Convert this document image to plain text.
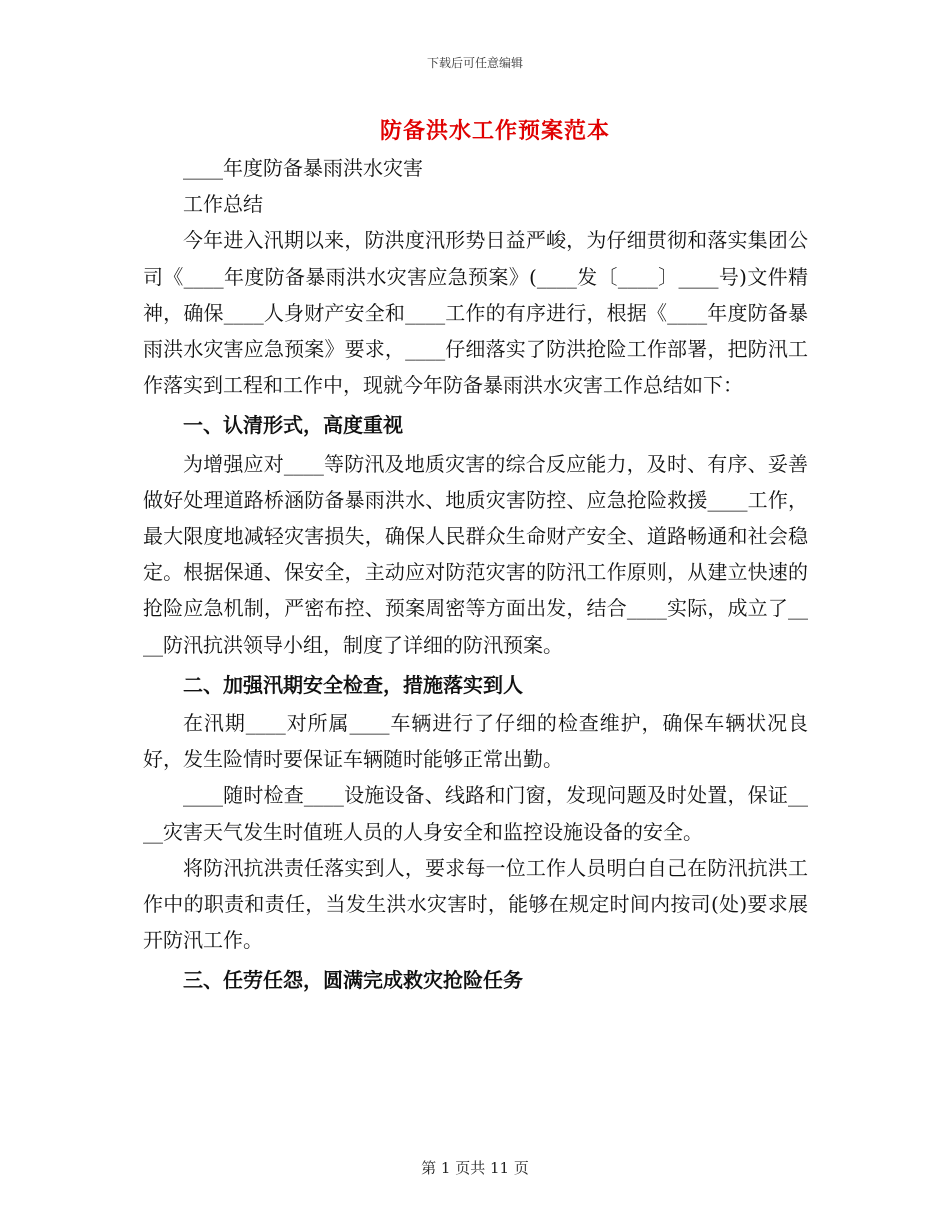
下载后可任意编辑
防备洪水工作预案范本

____年度防备暴雨洪水灾害

工作总结

今年进入汛期以来，防洪度汛形势日益严峻，为仔细贯彻和落实集团公司《____年度防备暴雨洪水灾害应急预案》(____发〔____〕____号)文件精神，确保____人身财产安全和____工作的有序进行，根据《____年度防备暴雨洪水灾害应急预案》要求，____仔细落实了防洪抢险工作部署，把防汛工作落实到工程和工作中，现就今年防备暴雨洪水灾害工作总结如下：

一、认清形式，高度重视

为增强应对____等防汛及地质灾害的综合反应能力，及时、有序、妥善做好处理道路桥涵防备暴雨洪水、地质灾害防控、应急抢险救援____工作，最大限度地减轻灾害损失，确保人民群众生命财产安全、道路畅通和社会稳定。根据保通、保安全，主动应对防范灾害的防汛工作原则，从建立快速的抢险应急机制，严密布控、预案周密等方面出发，结合____实际，成立了____防汛抗洪领导小组，制度了详细的防汛预案。

二、加强汛期安全检查，措施落实到人

在汛期____对所属____车辆进行了仔细的检查维护，确保车辆状况良好，发生险情时要保证车辆随时能够正常出勤。

____随时检查____设施设备、线路和门窗，发现问题及时处置，保证____灾害天气发生时值班人员的人身安全和监控设施设备的安全。

将防汛抗洪责任落实到人，要求每一位工作人员明白自己在防汛抗洪工作中的职责和责任，当发生洪水灾害时，能够在规定时间内按司(处)要求展开防汛工作。

三、任劳任怨，圆满完成救灾抢险任务

第 1 页共 11 页
